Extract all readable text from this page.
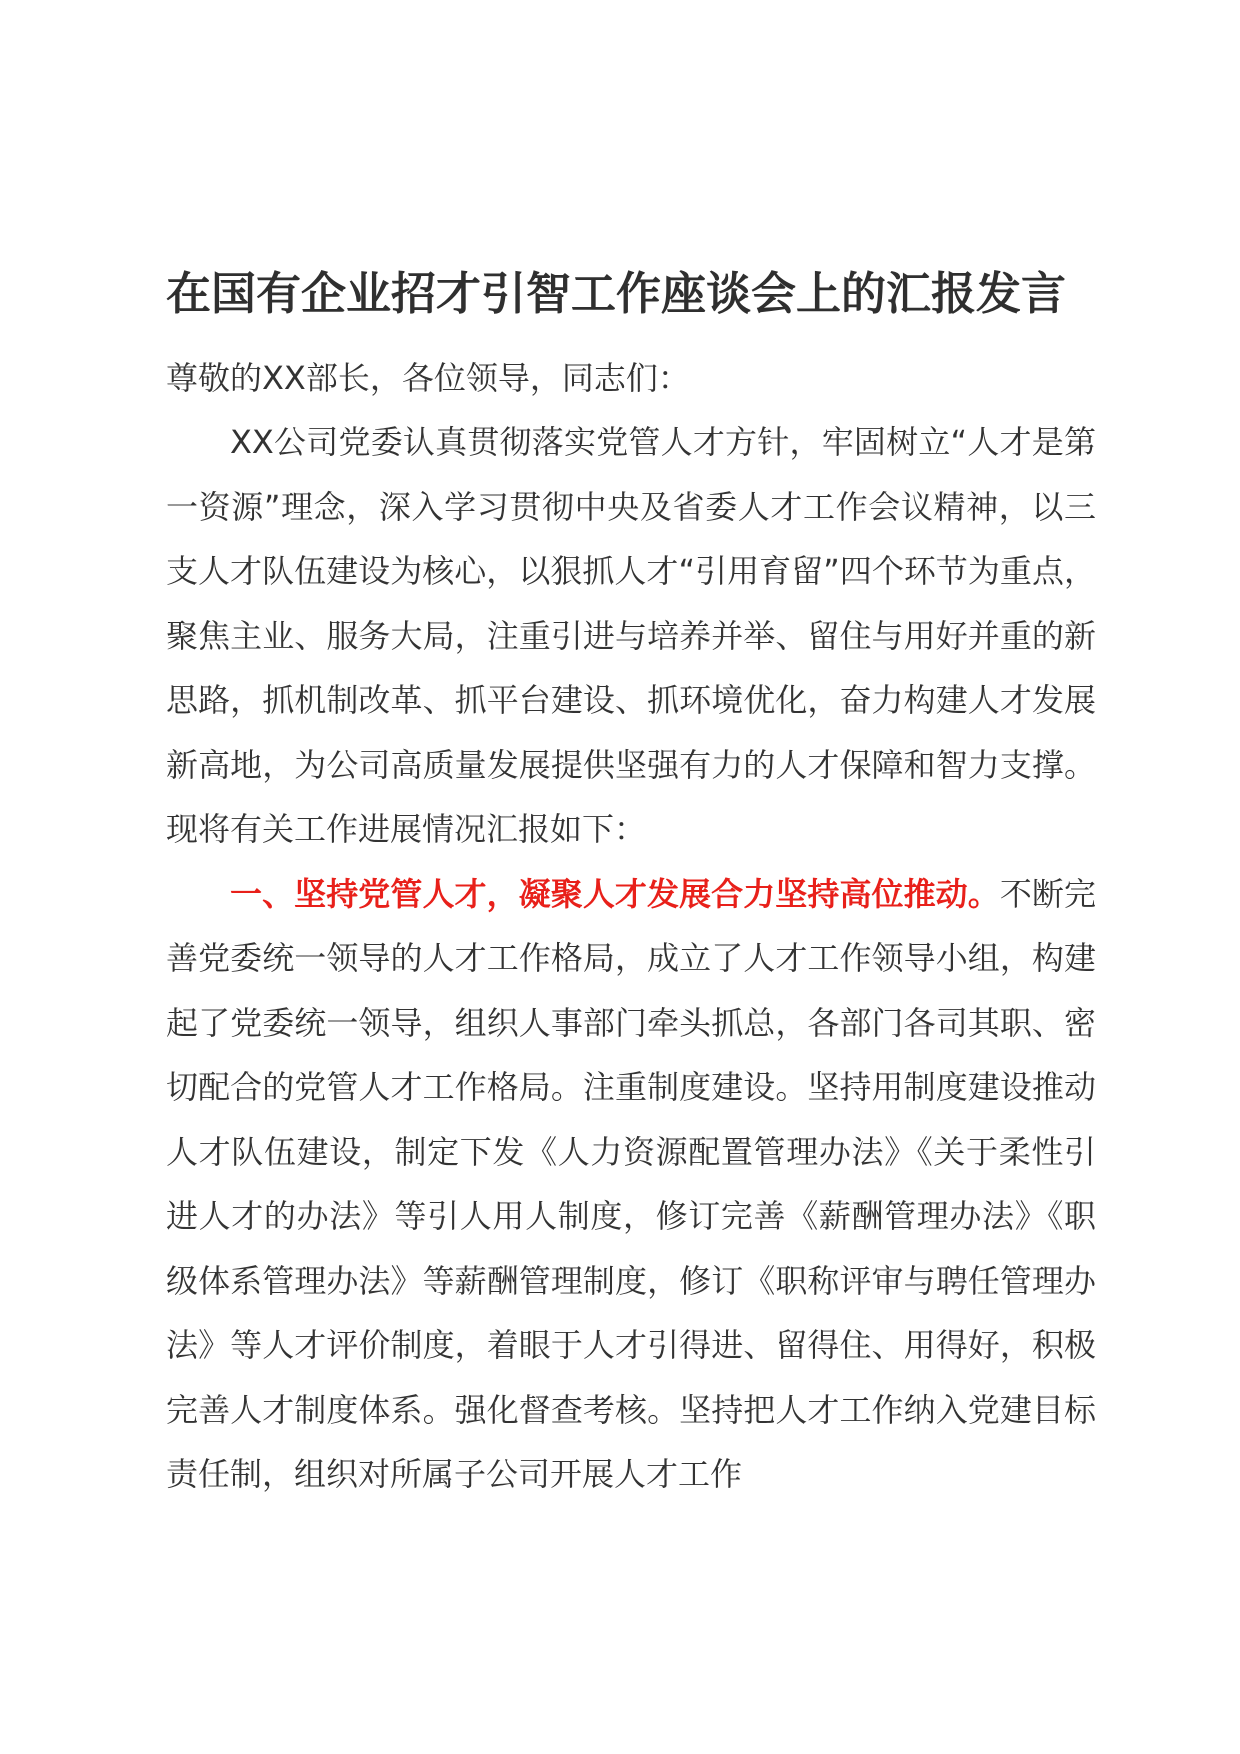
在国有企业招才引智工作座谈会上的汇报发言

尊敬的XX部长，各位领导，同志们：

XX公司党委认真贯彻落实党管人才方针，牢固树立“人才是第一资源”理念，深入学习贯彻中央及省委人才工作会议精神，以三支人才队伍建设为核心，以狠抓人才“引用育留”四个环节为重点，聚焦主业、服务大局，注重引进与培养并举、留住与用好并重的新思路，抓机制改革、抓平台建设、抓环境优化，奋力构建人才发展新高地，为公司高质量发展提供坚强有力的人才保障和智力支撑。现将有关工作进展情况汇报如下：

一、坚持党管人才，凝聚人才发展合力坚持高位推动。不断完善党委统一领导的人才工作格局，成立了人才工作领导小组，构建起了党委统一领导，组织人事部门牵头抓总，各部门各司其职、密切配合的党管人才工作格局。注重制度建设。坚持用制度建设推动人才队伍建设，制定下发《人力资源配置管理办法》《关于柔性引进人才的办法》等引人用人制度，修订完善《薪酬管理办法》《职级体系管理办法》等薪酬管理制度，修订《职称评审与聘任管理办法》等人才评价制度，着眼于人才引得进、留得住、用得好，积极完善人才制度体系。强化督查考核。坚持把人才工作纳入党建目标责任制，组织对所属子公司开展人才工作
